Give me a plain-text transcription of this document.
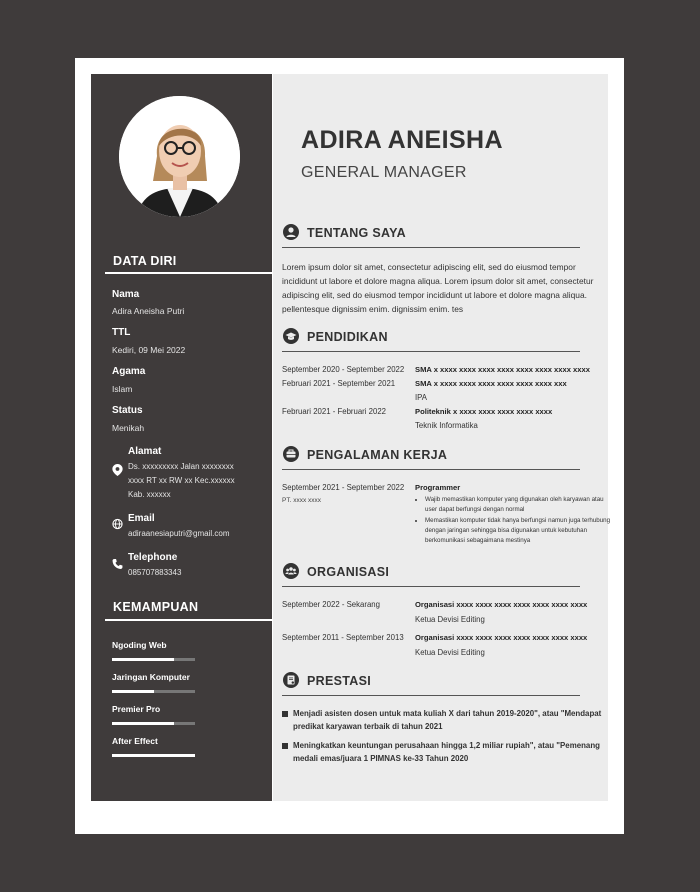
DATA DIRI
Nama
Adira Aneisha Putri
TTL
Kediri, 09 Mei 2022
Agama
Islam
Status
Menikah
Alamat
Ds. xxxxxxxxx Jalan xxxxxxxx
xxxx RT xx RW xx Kec.xxxxxx
Kab. xxxxxx
Email
adiraanesiaputri@gmail.com
Telephone
085707883343
KEMAMPUAN
Ngoding Web
Jaringan Komputer
Premier Pro
After Effect
ADIRA ANEISHA
GENERAL MANAGER
TENTANG SAYA
Lorem ipsum dolor sit amet, consectetur adipiscing elit, sed do eiusmod tempor incididunt ut labore et dolore magna aliqua. Lorem ipsum dolor sit amet, consectetur adipiscing elit, sed do eiusmod tempor incididunt ut labore et dolore magna aliqua. pellentesque dignissim enim. dignissim enim. tes
PENDIDIKAN
September 2020 - September 2022 SMA x xxxx xxxx xxxx xxxx xxxx xxxx xxxx xxxx
Februari 2021 - September 2021	SMA x xxxx xxxx xxxx xxxx xxxx xxxx xxx
IPA
Februari 2021 - Februari 2022	Politeknik x xxxx xxxx xxxx xxxx xxxx
Teknik Informatika
PENGALAMAN KERJA
September 2021 - September 2022
PT. xxxx xxxx
Programmer
• Wajib memastikan komputer yang digunakan oleh karyawan atau user dapat berfungsi dengan normal
• Memastikan komputer tidak hanya berfungsi namun juga terhubung dengan jaringan sehingga bisa digunakan untuk kebutuhan berkomunikasi sebagaimana mestinya
ORGANISASI
September 2022 - Sekarang	Organisasi xxxx xxxx xxxx xxxx xxxx xxxx xxxx
Ketua Devisi Editing
September 2011 - September 2013 Organisasi xxxx xxxx xxxx xxxx xxxx xxxx xxxx
Ketua Devisi Editing
PRESTASI
Menjadi asisten dosen untuk mata kuliah X dari tahun 2019-2020", atau "Mendapat predikat karyawan terbaik di tahun 2021
Meningkatkan keuntungan perusahaan hingga 1,2 miliar rupiah", atau "Pemenang medali emas/juara 1 PIMNAS ke-33 Tahun 2020
